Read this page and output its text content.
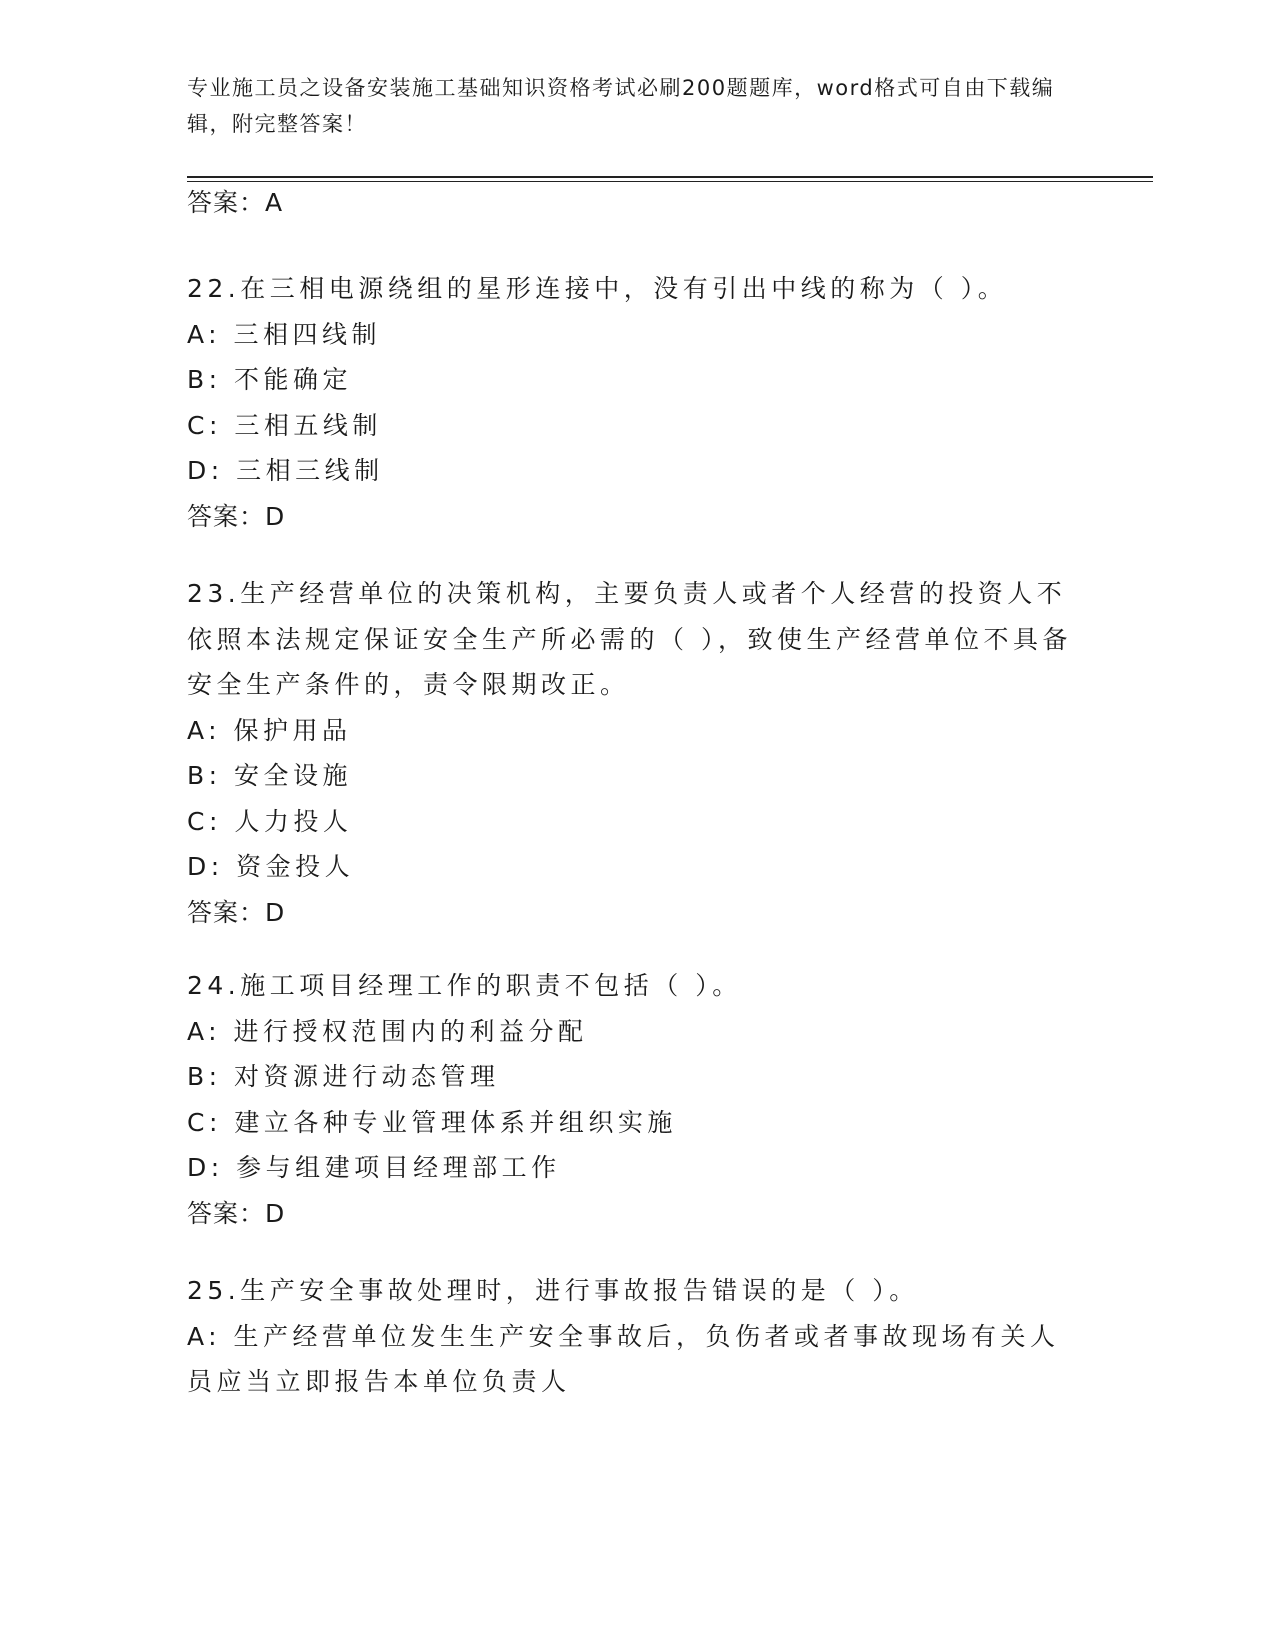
专业施工员之设备安装施工基础知识资格考试必刷200题题库，word格式可自由下载编辑，附完整答案！

答案：A
22.在三相电源绕组的星形连接中，没有引出中线的称为（ ）。
A: 三相四线制
B: 不能确定
C: 三相五线制
D: 三相三线制
答案：D
23.生产经营单位的决策机构，主要负责人或者个人经营的投资人不依照本法规定保证安全生产所必需的（ ），致使生产经营单位不具备安全生产条件的，责令限期改正。
A: 保护用品
B: 安全设施
C: 人力投人
D: 资金投人
答案：D
24.施工项目经理工作的职责不包括（ ）。
A: 进行授权范围内的利益分配
B: 对资源进行动态管理
C: 建立各种专业管理体系并组织实施
D: 参与组建项目经理部工作
答案：D
25.生产安全事故处理时，进行事故报告错误的是（ ）。
A: 生产经营单位发生生产安全事故后，负伤者或者事故现场有关人员应当立即报告本单位负责人
